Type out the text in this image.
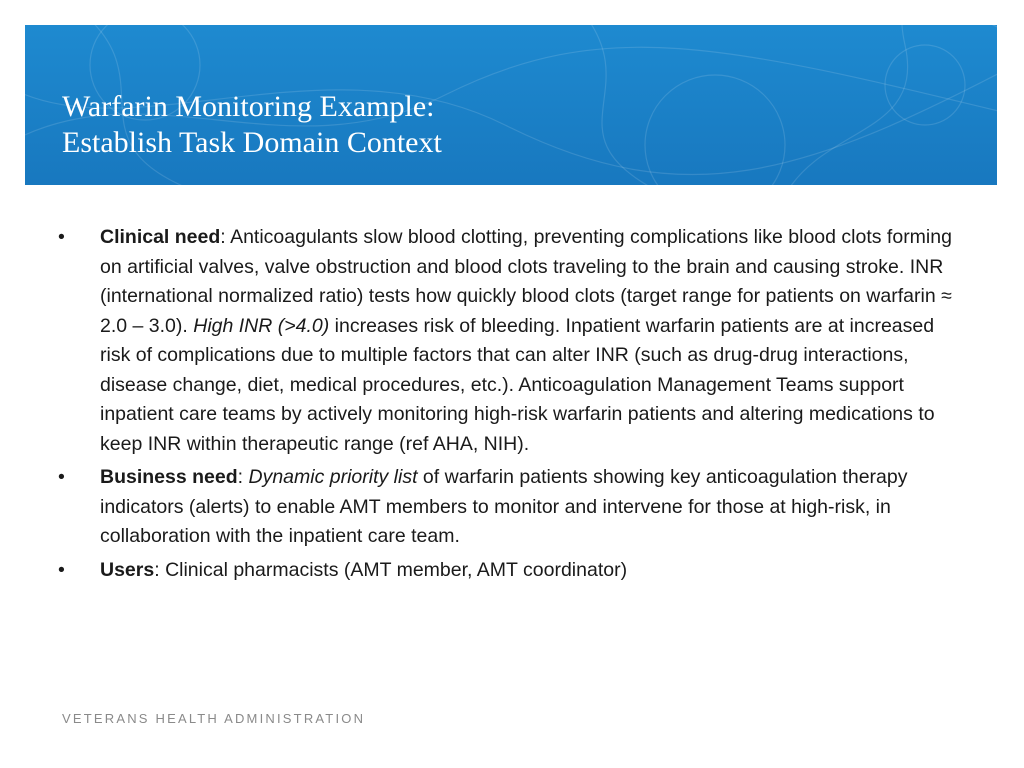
Warfarin Monitoring Example:
Establish Task Domain Context
• Clinical need: Anticoagulants slow blood clotting, preventing complications like blood clots forming on artificial valves, valve obstruction and blood clots traveling to the brain and causing stroke. INR (international normalized ratio) tests how quickly blood clots (target range for patients on warfarin ≈ 2.0 – 3.0). High INR (>4.0) increases risk of bleeding. Inpatient warfarin patients are at increased risk of complications due to multiple factors that can alter INR (such as drug-drug interactions, disease change, diet, medical procedures, etc.). Anticoagulation Management Teams support inpatient care teams by actively monitoring high-risk warfarin patients and altering medications to keep INR within therapeutic range (ref AHA, NIH).
• Business need: Dynamic priority list of warfarin patients showing key anticoagulation therapy indicators (alerts) to enable AMT members to monitor and intervene for those at high-risk, in collaboration with the inpatient care team.
• Users: Clinical pharmacists (AMT member, AMT coordinator)
VETERANS HEALTH ADMINISTRATION
